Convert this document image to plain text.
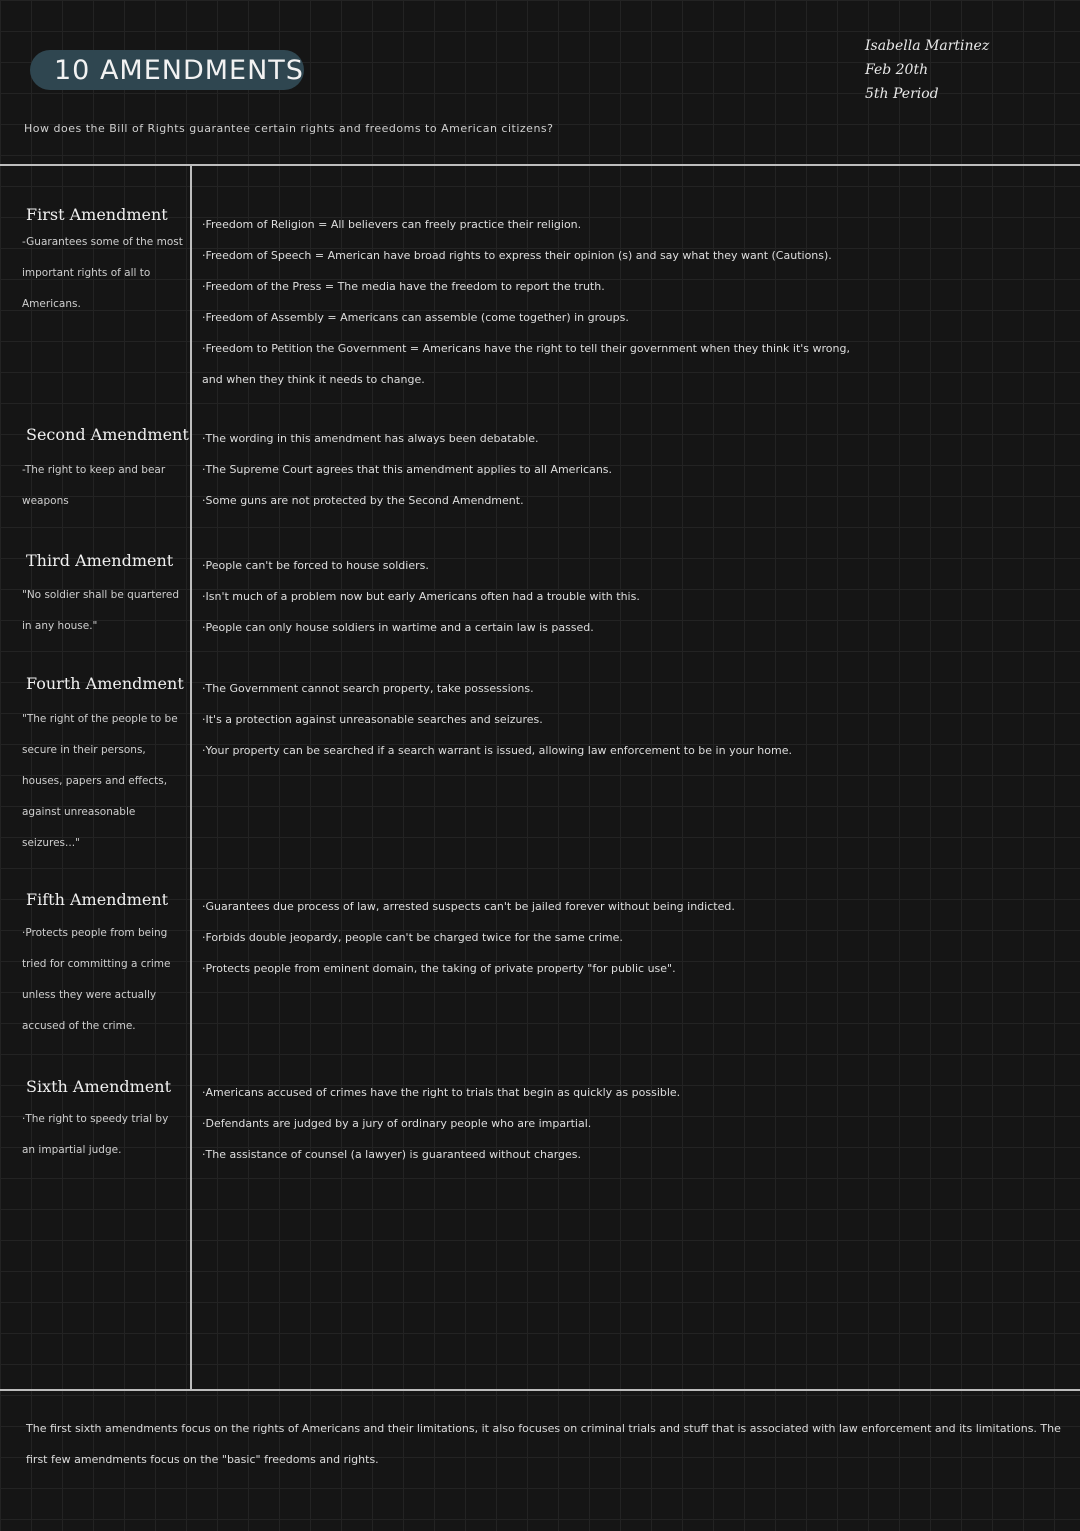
10 AMENDMENTS
Isabella Martinez
Feb 20th
5th Period
How does the Bill of Rights guarantee certain rights and freedoms to American citizens?
First Amendment
-Guarantees some of the most important rights of all to Americans.
·Freedom of Religion = All believers can freely practice their religion.
·Freedom of Speech = American have broad rights to express their opinion (s) and say what they want (Cautions).
·Freedom of the Press = The media have the freedom to report the truth.
·Freedom of Assembly = Americans can assemble (come together) in groups.
·Freedom to Petition the Government = Americans have the right to tell their government when they think it's wrong,
and when they think it needs to change.
Second Amendment
-The right to keep and bear weapons
·The wording in this amendment has always been debatable.
·The Supreme Court agrees that this amendment applies to all Americans.
·Some guns are not protected by the Second Amendment.
Third Amendment
"No soldier shall be quartered in any house."
·People can't be forced to house soldiers.
·Isn't much of a problem now but early Americans often had a trouble with this.
·People can only house soldiers in wartime and a certain law is passed.
Fourth Amendment
"The right of the people to be secure in their persons, houses, papers and effects, against unreasonable seizures..."
·The Government cannot search property, take possessions.
·It's a protection against unreasonable searches and seizures.
·Your property can be searched if a search warrant is issued, allowing law enforcement to be in your home.
Fifth Amendment
·Protects people from being tried for committing a crime unless they were actually accused of the crime.
·Guarantees due process of law, arrested suspects can't be jailed forever without being indicted.
·Forbids double jeopardy, people can't be charged twice for the same crime.
·Protects people from eminent domain, the taking of private property "for public use".
Sixth Amendment
·The right to speedy trial by an impartial judge.
·Americans accused of crimes have the right to trials that begin as quickly as possible.
·Defendants are judged by a jury of ordinary people who are impartial.
·The assistance of counsel (a lawyer) is guaranteed without charges.
The first sixth amendments focus on the rights of Americans and their limitations, it also focuses on criminal trials and stuff that is associated with law enforcement and its limitations. The first few amendments focus on the "basic" freedoms and rights.
